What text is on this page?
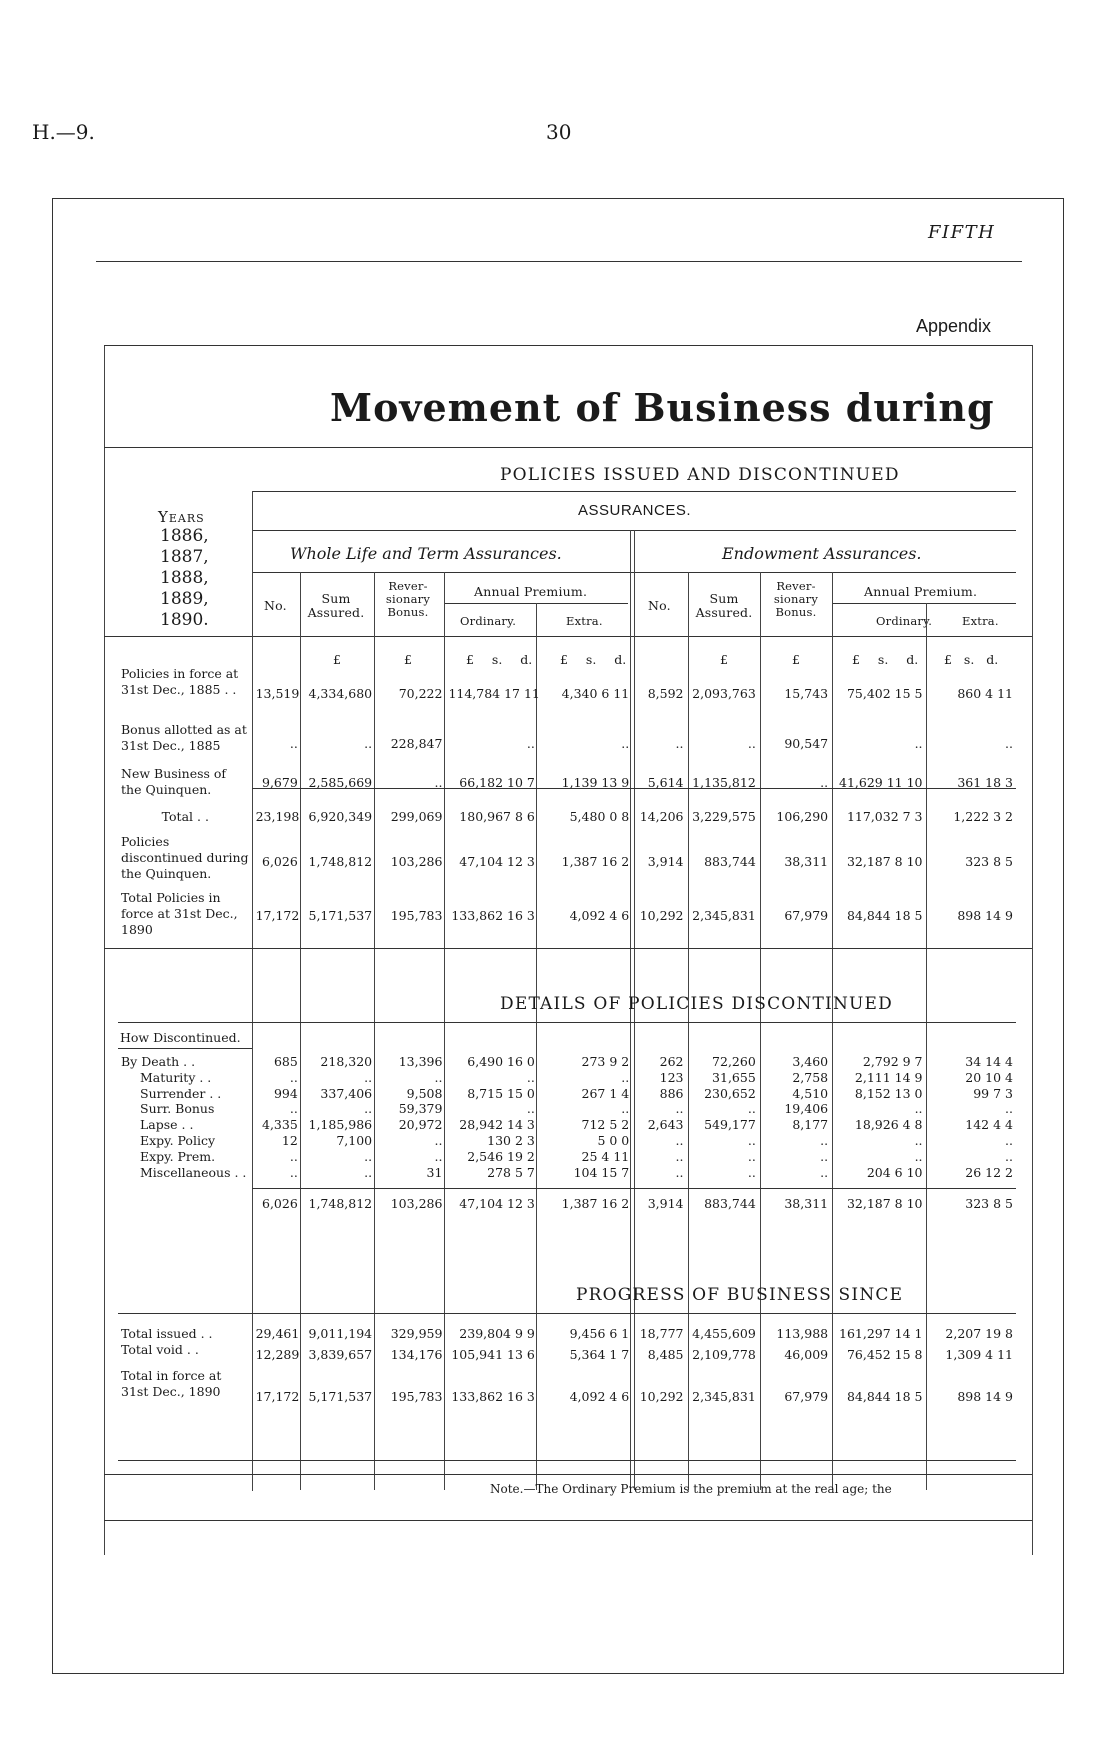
H.—9.	30
FIFTH
Appendix
Movement of Business during
POLICIES ISSUED AND DISCONTINUED
ASSURANCES.
Years
1886,
1887,
1888,
1889,
1890.
Whole Life and Term Assurances.	Endowment Assurances.
No.	Sum Assured.
Rever-sionary Bonus.
Annual Premium.
Ordinary.	Extra.
No.	Sum Assured.
Rever-sionary Bonus.
Annual Premium.
Ordinary.	Extra.
£	£	£ s. d. £ s. d.	£	£	£ s. d. £ s. d.
Policies in force at 31st Dec., 1885 . .	13,519	4,334,680	70,222	114,784 17 11	4,340 6 11	8,592	2,093,763	15,743	75,402 15 5	860 4 11
Bonus allotted as at 31st Dec., 1885	..	..	228,847	..	..	..	..	90,547	..	..
New Business of the Quinquen.	9,679	2,585,669	..	66,182 10 7	1,139 13 9	5,614	1,135,812	..	41,629 11 10	361 18 3
Total . .	23,198	6,920,349	299,069	180,967 8 6	5,480 0 8	14,206	3,229,575	106,290	117,032 7 3	1,222 3 2
Policies discontinued during the Quinquen.	6,026	1,748,812	103,286	47,104 12 3	1,387 16 2	3,914	883,744	38,311	32,187 8 10	323 8 5
Total Policies in force at 31st Dec., 1890	17,172	5,171,537	195,783	133,862 16 3	4,092 4 6	10,292	2,345,831	67,979	84,844 18 5	898 14 9
DETAILS OF POLICIES DISCONTINUED
How Discontinued.
By Death . .	685	218,320	13,396	6,490 16 0	273 9 2	262	72,260	3,460	2,792 9 7	34 14 4
Maturity . .	..	..	..	..	..	123	31,655	2,758	2,111 14 9	20 10 4
Surrender . .	994	337,406	9,508	8,715 15 0	267 1 4	886	230,652	4,510	8,152 13 0	99 7 3
Surr. Bonus	..	..	59,379	..	..	..	..	19,406	..	..
Lapse . .	4,335	1,185,986	20,972	28,942 14 3	712 5 2	2,643	549,177	8,177	18,926 4 8	142 4 4
Expy. Policy	12	7,100	..	130 2 3	5 0 0	..	..	..	..	..
Expy. Prem.	..	..	..	2,546 19 2	25 4 11	..	..	..	..	..
Miscellaneous . .	..	..	31	278 5 7	104 15 7	..	..	..	204 6 10	26 12 2
	6,026	1,748,812	103,286	47,104 12 3	1,387 16 2	3,914	883,744	38,311	32,187 8 10	323 8 5
PROGRESS OF BUSINESS SINCE
Total issued . .	29,461	9,011,194	329,959	239,804 9 9	9,456 6 1	18,777	4,455,609	113,988	161,297 14 1	2,207 19 8
Total void . .	12,289	3,839,657	134,176	105,941 13 6	5,364 1 7	8,485	2,109,778	46,009	76,452 15 8	1,309 4 11
Total in force at 31st Dec., 1890	17,172	5,171,537	195,783	133,862 16 3	4,092 4 6	10,292	2,345,831	67,979	84,844 18 5	898 14 9
Note.—The Ordinary Premium is the premium at the real age; the
